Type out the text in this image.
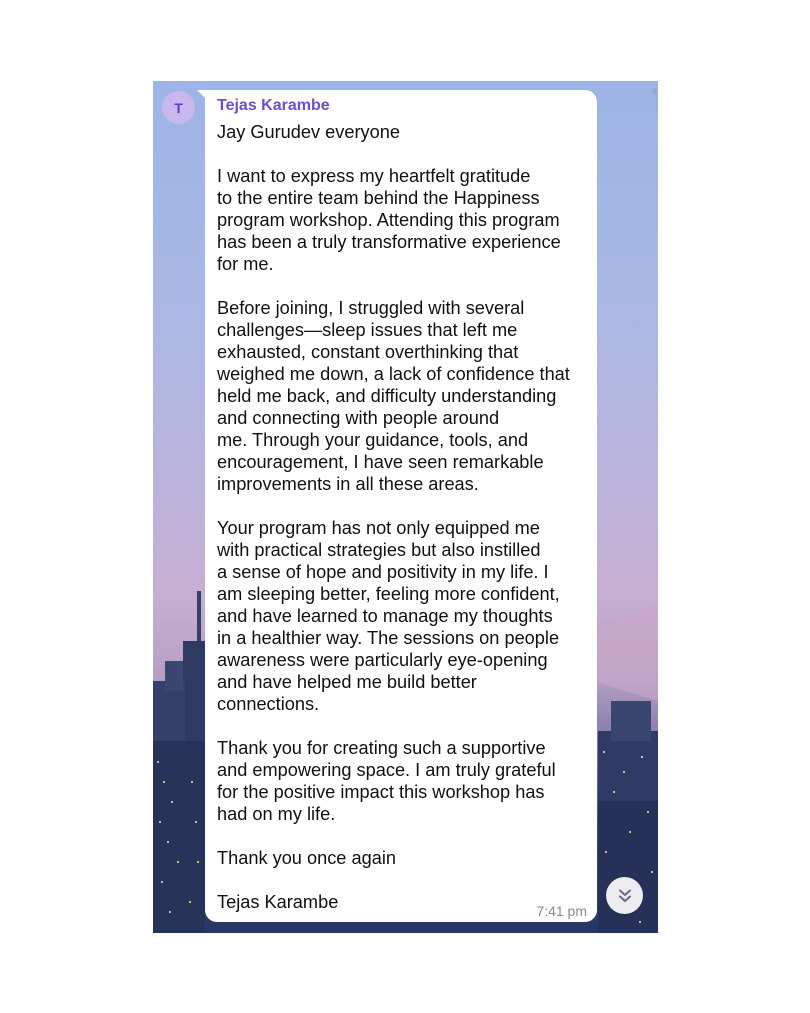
T Tejas Karambe
Jay Gurudev everyone

I want to express my heartfelt gratitude
to the entire team behind the Happiness
program workshop. Attending this program
has been a truly transformative experience
for me.

Before joining, I struggled with several
challenges—sleep issues that left me
exhausted, constant overthinking that
weighed me down, a lack of confidence that
held me back, and difficulty understanding
and connecting with people around
me. Through your guidance, tools, and
encouragement, I have seen remarkable
improvements in all these areas.

Your program has not only equipped me
with practical strategies but also instilled
a sense of hope and positivity in my life. I
am sleeping better, feeling more confident,
and have learned to manage my thoughts
in a healthier way. The sessions on people
awareness were particularly eye-opening
and have helped me build better
connections.

Thank you for creating such a supportive
and empowering space. I am truly grateful
for the positive impact this workshop has
had on my life.

Thank you once again

Tejas Karambe	7:41 pm
